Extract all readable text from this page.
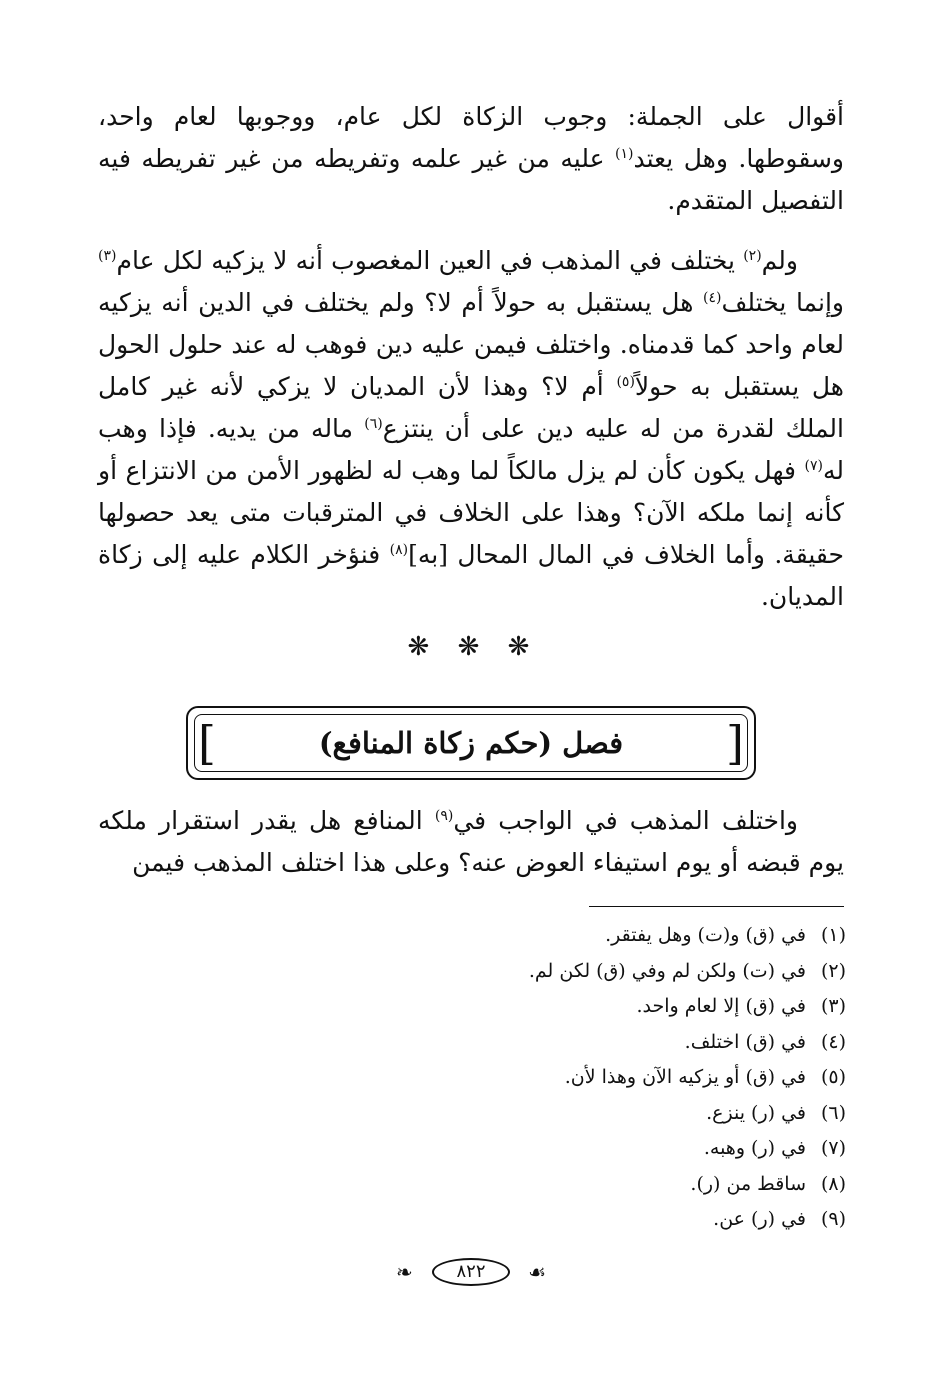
أقوال على الجملة: وجوب الزكاة لكل عام، ووجوبها لعام واحد، وسقوطها. وهل يعتد$^{(١)}$ عليه من غير علمه وتفريطه من غير تفريطه فيه التفصيل المتقدم.

ولم$^{(٢)}$ يختلف في المذهب في العين المغصوب أنه لا يزكيه لكل عام$^{(٣)}$ وإنما يختلف$^{(٤)}$ هل يستقبل به حولاً أم لا؟ ولم يختلف في الدين أنه يزكيه لعام واحد كما قدمناه. واختلف فيمن عليه دين فوهب له عند حلول الحول هل يستقبل به حولاً$^{(٥)}$ أم لا؟ وهذا لأن المديان لا يزكي لأنه غير كامل الملك لقدرة من له عليه دين على أن ينتزع$^{(٦)}$ ماله من يديه. فإذا وهب له$^{(٧)}$ فهل يكون كأن لم يزل مالكاً لما وهب له لظهور الأمن من الانتزاع أو كأنه إنما ملكه الآن؟ وهذا على الخلاف في المترقبات متى يعد حصولها حقيقة. وأما الخلاف في المال المحال [به]$^{(٨)}$ فنؤخر الكلام عليه إلى زكاة المديان.

❋ ❋ ❋
[	]
فصل (حكم زكاة المنافع)

واختلف المذهب في الواجب في$^{(٩)}$ المنافع هل يقدر استقرار ملكه يوم قبضه أو يوم استيفاء العوض عنه؟ وعلى هذا اختلف المذهب فيمن

(١)في (ق) و(ت) وهل يفتقر.
(٢)في (ت) ولكن لم وفي (ق) لكن لم.
(٣)في (ق) إلا لعام واحد.
(٤)في (ق) اختلف.
(٥)في (ق) أو يزكيه الآن وهذا لأن.
(٦)في (ر) ينزع.
(٧)في (ر) وهبه.
(٨)ساقط من (ر).
(٩)في (ر) عن.
❧	٨٢٢	☙
